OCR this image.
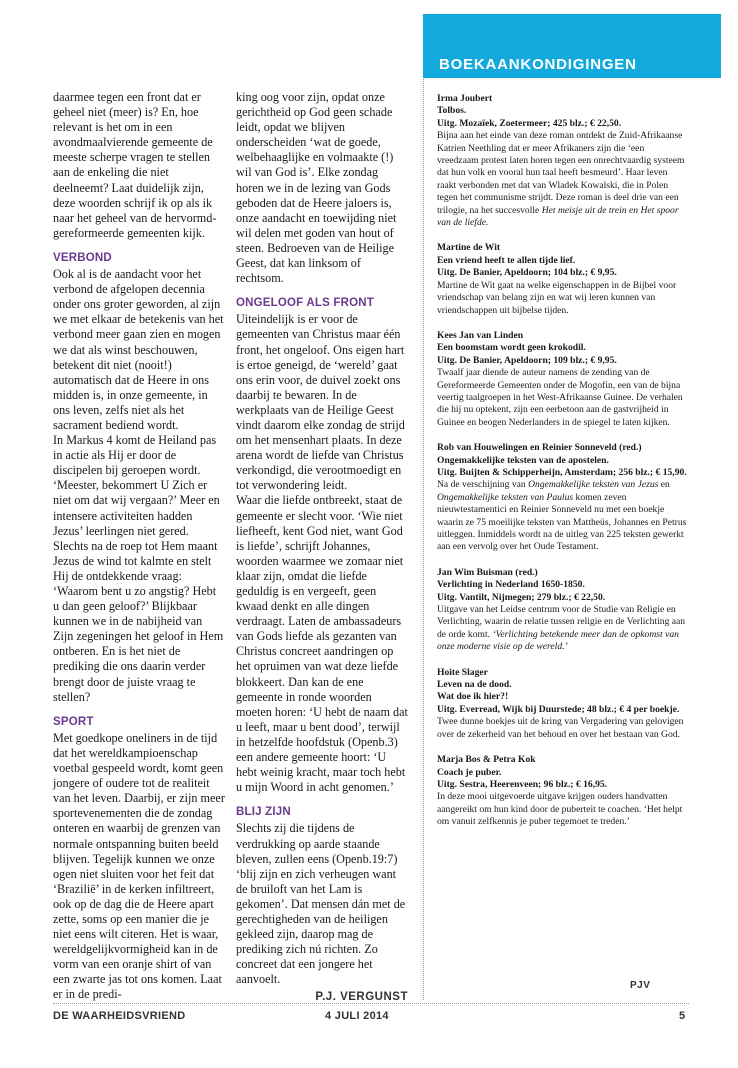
daarmee tegen een front dat er geheel niet (meer) is? En, hoe relevant is het om in een avondmaalvierende gemeente de meeste scherpe vragen te stellen aan de enkeling die niet deelneemt? Laat duidelijk zijn, deze woorden schrijf ik op als ik naar het geheel van de hervormd-gereformeerde gemeenten kijk.

VERBOND

Ook al is de aandacht voor het verbond de afgelopen decennia onder ons groter geworden, al zijn we met elkaar de betekenis van het verbond meer gaan zien en mogen we dat als winst beschouwen, betekent dit niet (nooit!) automatisch dat de Heere in ons midden is, in onze gemeente, in ons leven, zelfs niet als het sacrament bediend wordt.

In Markus 4 komt de Heiland pas in actie als Hij er door de discipelen bij geroepen wordt. ‘Meester, bekommert U Zich er niet om dat wij vergaan?’ Meer en intensere activiteiten hadden Jezus’ leerlingen niet gered. Slechts na de roep tot Hem maant Jezus de wind tot kalmte en stelt Hij de ontdekkende vraag: ‘Waarom bent u zo angstig? Hebt u dan geen geloof?’ Blijkbaar kunnen we in de nabijheid van Zijn zegeningen het geloof in Hem ontberen. En is het niet de prediking die ons daarin verder brengt door de juiste vraag te stellen?

SPORT

Met goedkope oneliners in de tijd dat het wereldkampioenschap voetbal gespeeld wordt, komt geen jongere of oudere tot de realiteit van het leven. Daarbij, er zijn meer sportevenementen die de zondag onteren en waarbij de grenzen van normale ontspanning buiten beeld blijven. Tegelijk kunnen we onze ogen niet sluiten voor het feit dat ‘Brazilië’ in de kerken infiltreert, ook op de dag die de Heere apart zette, soms op een manier die je niet eens wilt citeren. Het is waar, wereldgelijkvormigheid kan in de vorm van een oranje shirt of van een zwarte jas tot ons komen. Laat er in de predi-

king oog voor zijn, opdat onze gerichtheid op God geen schade leidt, opdat we blijven onderscheiden ‘wat de goede, welbehaaglijke en volmaakte (!) wil van God is’. Elke zondag horen we in de lezing van Gods geboden dat de Heere jaloers is, onze aandacht en toewijding niet wil delen met goden van hout of steen. Bedroeven van de Heilige Geest, dat kan linksom of rechtsom.

ONGELOOF ALS FRONT

Uiteindelijk is er voor de gemeenten van Christus maar één front, het ongeloof. Ons eigen hart is ertoe geneigd, de ‘wereld’ gaat ons erin voor, de duivel zoekt ons daarbij te bewaren. In de werkplaats van de Heilige Geest vindt daarom elke zondag de strijd om het mensenhart plaats. In deze arena wordt de liefde van Christus verkondigd, die verootmoedigt en tot verwondering leidt.

Waar die liefde ontbreekt, staat de gemeente er slecht voor. ‘Wie niet liefheeft, kent God niet, want God is liefde’, schrijft Johannes, woorden waarmee we zomaar niet klaar zijn, omdat die liefde geduldig is en vergeeft, geen kwaad denkt en alle dingen verdraagt. Laten de ambassadeurs van Gods liefde als gezanten van Christus concreet aandringen op het opruimen van wat deze liefde blokkeert. Dan kan de ene gemeente in ronde woorden moeten horen: ‘U hebt de naam dat u leeft, maar u bent dood’, terwijl in hetzelfde hoofdstuk (Openb.3) een andere gemeente hoort: ‘U hebt weinig kracht, maar toch hebt u mijn Woord in acht genomen.’

BLIJ ZIJN

Slechts zij die tijdens de verdrukking op aarde staande bleven, zullen eens (Openb.19:7) ‘blij zijn en zich verheugen want de bruiloft van het Lam is gekomen’. Dat mensen dán met de gerechtigheden van de heiligen gekleed zijn, daarop mag de prediking zich nú richten. Zo concreet dat een jongere het aanvoelt.

P.J. VERGUNST

BOEKAANKONDIGINGEN

Irma Joubert

Tolbos.

Uitg. Mozaïek, Zoetermeer; 425 blz.; € 22,50.

Bijna aan het einde van deze roman ontdekt de Zuid-Afrikaanse Katrien Neethling dat er meer Afrikaners zijn die ‘een vreedzaam protest laten horen tegen een onrechtvaardig systeem dat hun volk en vooral hun taal heeft besmeurd’. Haar leven raakt verbonden met dat van Wladek Kowalski, die in Polen tegen het communisme strijdt. Deze roman is deel drie van een trilogie, na het succesvolle Het meisje uit de trein en Het spoor van de liefde.

Martine de Wit

Een vriend heeft te allen tijde lief.

Uitg. De Banier, Apeldoorn; 104 blz.; € 9,95.

Martine de Wit gaat na welke eigenschappen in de Bijbel voor vriendschap van belang zijn en wat wij leren kunnen van vriendschappen uit bijbelse tijden.

Kees Jan van Linden

Een boomstam wordt geen krokodil.

Uitg. De Banier, Apeldoorn; 109 blz.; € 9,95.

Twaalf jaar diende de auteur namens de zending van de Gereformeerde Gemeenten onder de Mogofin, een van de bijna veertig taalgroepen in het West-Afrikaanse Guinee. De verhalen die hij nu optekent, zijn een eerbetoon aan de gastvrijheid in Guinee en beogen Nederlanders in de spiegel te laten kijken.

Rob van Houwelingen en Reinier Sonneveld (red.)

Ongemakkelijke teksten van de apostelen.

Uitg. Buijten & Schipperheijn, Amsterdam; 256 blz.; € 15,90.

Na de verschijning van Ongemakkelijke teksten van Jezus en Ongemakkelijke teksten van Paulus komen zeven nieuwtestamentici en Reinier Sonneveld nu met een boekje waarin ze 75 moeilijke teksten van Mattheüs, Johannes en Petrus uitleggen. Inmiddels wordt na de uitleg van 225 teksten gewerkt aan een vervolg over het Oude Testament.

Jan Wim Buisman (red.)

Verlichting in Nederland 1650-1850.

Uitg. Vantilt, Nijmegen; 279 blz.; € 22,50.

Uitgave van het Leidse centrum voor de Studie van Religie en Verlichting, waarin de relatie tussen religie en de Verlichting aan de orde komt. ‘Verlichting betekende meer dan de opkomst van onze moderne visie op de wereld.’

Hoite Slager

Leven na de dood.

Wat doe ik hier?!

Uitg. Everread, Wijk bij Duurstede; 48 blz.; € 4 per boekje.

Twee dunne boekjes uit de kring van Vergadering van gelovigen over de zekerheid van het behoud en over het bestaan van God.

Marja Bos & Petra Kok

Coach je puber.

Uitg. Sestra, Heerenveen; 96 blz.; € 16,95.

In deze mooi uitgevoerde uitgave krijgen ouders handvatten aangereikt om hun kind door de puberteit te coachen. ‘Het helpt om vanuit zelfkennis je puber tegemoet te treden.’

PJV
DE WAARHEIDSVRIEND	4 JULI 2014	5
